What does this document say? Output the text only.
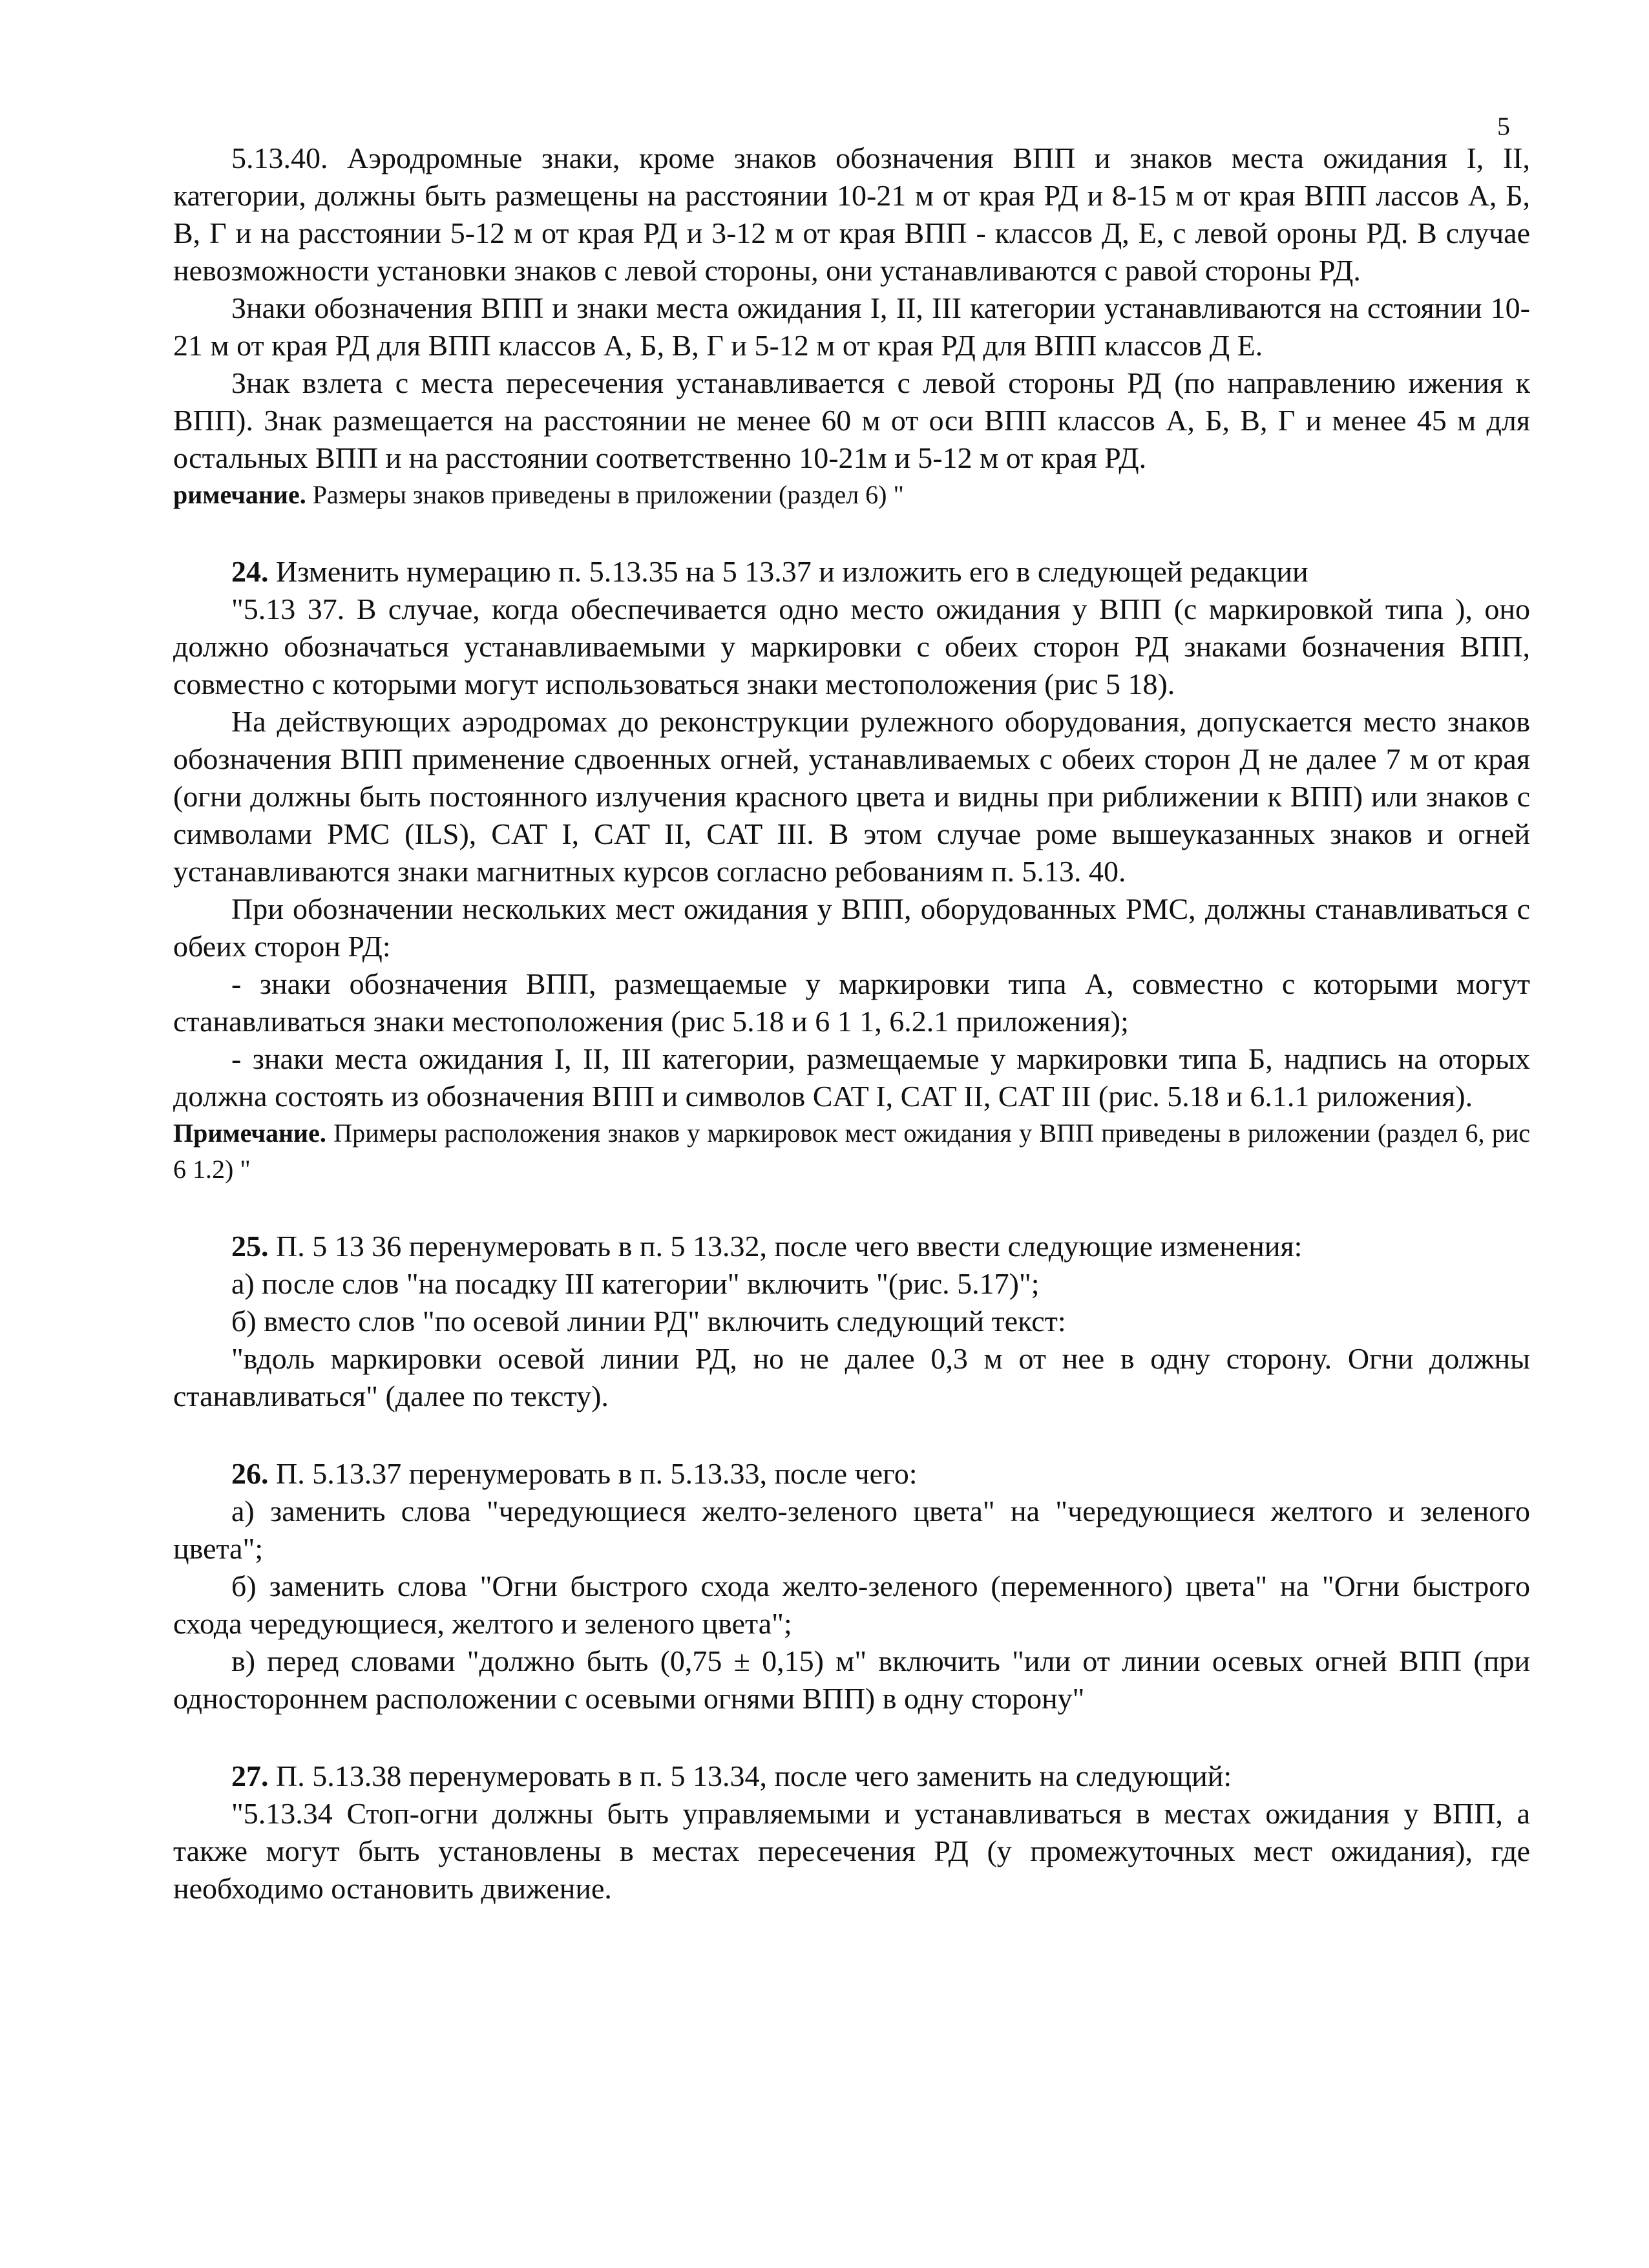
5

5.13.40. Аэродромные знаки, кроме знаков обозначения ВПП и знаков места ожидания I, II, категории, должны быть размещены на расстоянии 10-21 м от края РД и 8-15 м от края ВПП лассов А, Б, В, Г и на расстоянии 5-12 м от края РД и 3-12 м от края ВПП - классов Д, Е, с левой ороны РД. В случае невозможности установки знаков с левой стороны, они устанавливаются с равой стороны РД.

Знаки обозначения ВПП и знаки места ожидания I, II, III категории устанавливаются на сстоянии 10-21 м от края РД для ВПП классов А, Б, В, Г и 5-12 м от края РД для ВПП классов Д Е.

Знак взлета с места пересечения устанавливается с левой стороны РД (по направлению ижения к ВПП). Знак размещается на расстоянии не менее 60 м от оси ВПП классов А, Б, В, Г и менее 45 м для остальных ВПП и на расстоянии соответственно 10-21м и 5-12 м от края РД.

римечание. Размеры знаков приведены в приложении (раздел 6) "

24. Изменить нумерацию п. 5.13.35 на 5 13.37 и изложить его в следующей редакции

"5.13 37. В случае, когда обеспечивается одно место ожидания у ВПП (с маркировкой типа ), оно должно обозначаться устанавливаемыми у маркировки с обеих сторон РД знаками бозначения ВПП, совместно с которыми могут использоваться знаки местоположения (рис 5 18).

На действующих аэродромах до реконструкции рулежного оборудования, допускается место знаков обозначения ВПП применение сдвоенных огней, устанавливаемых с обеих сторон Д не далее 7 м от края (огни должны быть постоянного излучения красного цвета и видны при риближении к ВПП) или знаков с символами РМС (ILS), CAT I, CAT II, CAT III. В этом случае роме вышеуказанных знаков и огней устанавливаются знаки магнитных курсов согласно ребованиям п. 5.13. 40.

При обозначении нескольких мест ожидания у ВПП, оборудованных РМС, должны станавливаться с обеих сторон РД:

- знаки обозначения ВПП, размещаемые у маркировки типа А, совместно с которыми могут станавливаться знаки местоположения (рис 5.18 и 6 1 1, 6.2.1 приложения);

- знаки места ожидания I, II, III категории, размещаемые у маркировки типа Б, надпись на оторых должна состоять из обозначения ВПП и символов CAT I, CAT II, CAT III (рис. 5.18 и 6.1.1 риложения).

Примечание. Примеры расположения знаков у маркировок мест ожидания у ВПП приведены в риложении (раздел 6, рис 6 1.2) "

25. П. 5 13 36 перенумеровать в п. 5 13.32, после чего ввести следующие изменения:

а) после слов "на посадку III категории" включить "(рис. 5.17)";

б) вместо слов "по осевой линии РД" включить следующий текст:

"вдоль маркировки осевой линии РД, но не далее 0,3 м от нее в одну сторону. Огни должны станавливаться" (далее по тексту).

26. П. 5.13.37 перенумеровать в п. 5.13.33, после чего:

а) заменить слова "чередующиеся желто-зеленого цвета" на "чередующиеся желтого и зеленого цвета";

б) заменить слова "Огни быстрого схода желто-зеленого (переменного) цвета" на "Огни быстрого схода чередующиеся, желтого и зеленого цвета";

в) перед словами "должно быть (0,75 ± 0,15) м" включить "или от линии осевых огней ВПП (при одностороннем расположении с осевыми огнями ВПП) в одну сторону"

27. П. 5.13.38 перенумеровать в п. 5 13.34, после чего заменить на следующий:

"5.13.34 Стоп-огни должны быть управляемыми и устанавливаться в местах ожидания у ВПП, а также могут быть установлены в местах пересечения РД (у промежуточных мест ожидания), где необходимо остановить движение.
